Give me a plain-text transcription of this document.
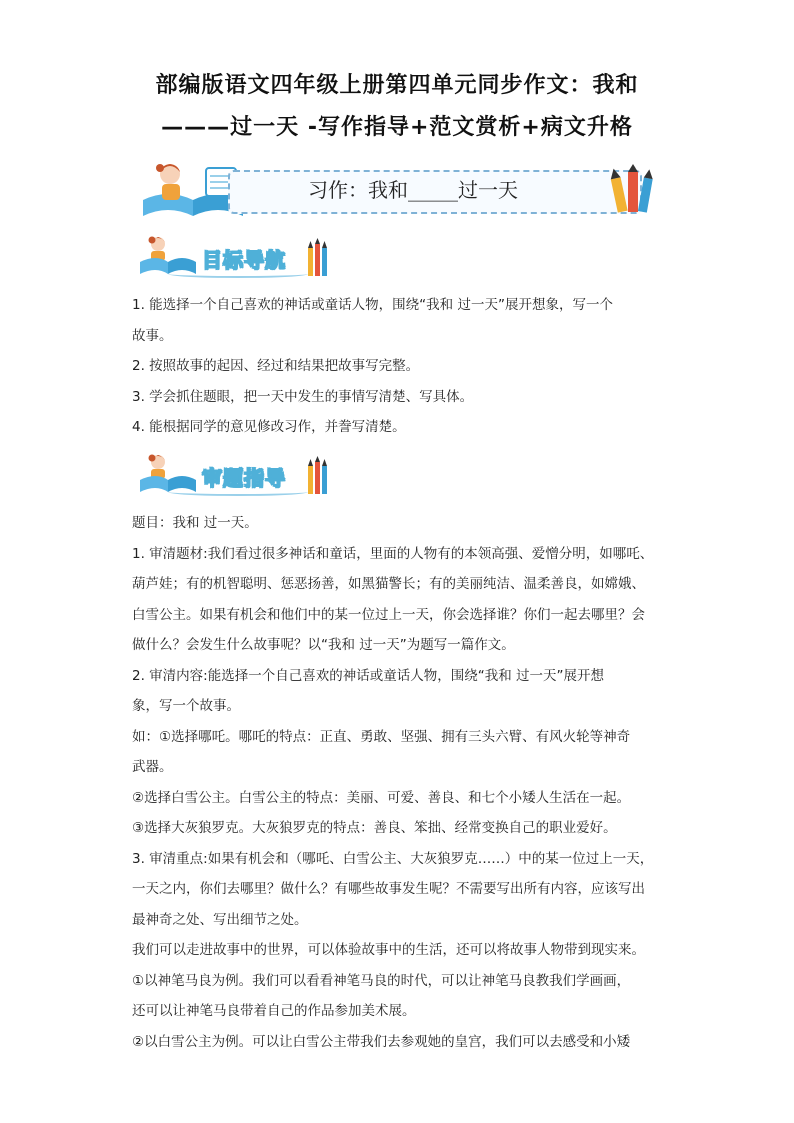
部编版语文四年级上册第四单元同步作文：我和
———过一天 -写作指导+范文赏析+病文升格
习作：我和_____过一天
目标导航
1. 能选择一个自己喜欢的神话或童话人物，围绕“我和 过一天”展开想象，写一个
故事。
2. 按照故事的起因、经过和结果把故事写完整。
3. 学会抓住题眼，把一天中发生的事情写清楚、写具体。
4. 能根据同学的意见修改习作，并誊写清楚。
审题指导
题目：我和 过一天。
1. 审清题材:我们看过很多神话和童话，里面的人物有的本领高强、爱憎分明，如哪吒、
葫芦娃；有的机智聪明、惩恶扬善，如黑猫警长；有的美丽纯洁、温柔善良，如嫦娥、
白雪公主。如果有机会和他们中的某一位过上一天，你会选择谁？你们一起去哪里？会
做什么？会发生什么故事呢？以“我和 过一天”为题写一篇作文。
2. 审清内容:能选择一个自己喜欢的神话或童话人物，围绕“我和 过一天”展开想
象，写一个故事。
如：①选择哪吒。哪吒的特点：正直、勇敢、坚强、拥有三头六臂、有风火轮等神奇
武器。
②选择白雪公主。白雪公主的特点：美丽、可爱、善良、和七个小矮人生活在一起。
③选择大灰狼罗克。大灰狼罗克的特点：善良、笨拙、经常变换自己的职业爱好。
3. 审清重点:如果有机会和（哪吒、白雪公主、大灰狼罗克……）中的某一位过上一天，
一天之内，你们去哪里？做什么？有哪些故事发生呢？不需要写出所有内容，应该写出
最神奇之处、写出细节之处。
我们可以走进故事中的世界，可以体验故事中的生活，还可以将故事人物带到现实来。
①以神笔马良为例。我们可以看看神笔马良的时代，可以让神笔马良教我们学画画，
还可以让神笔马良带着自己的作品参加美术展。
②以白雪公主为例。可以让白雪公主带我们去参观她的皇宫，我们可以去感受和小矮
